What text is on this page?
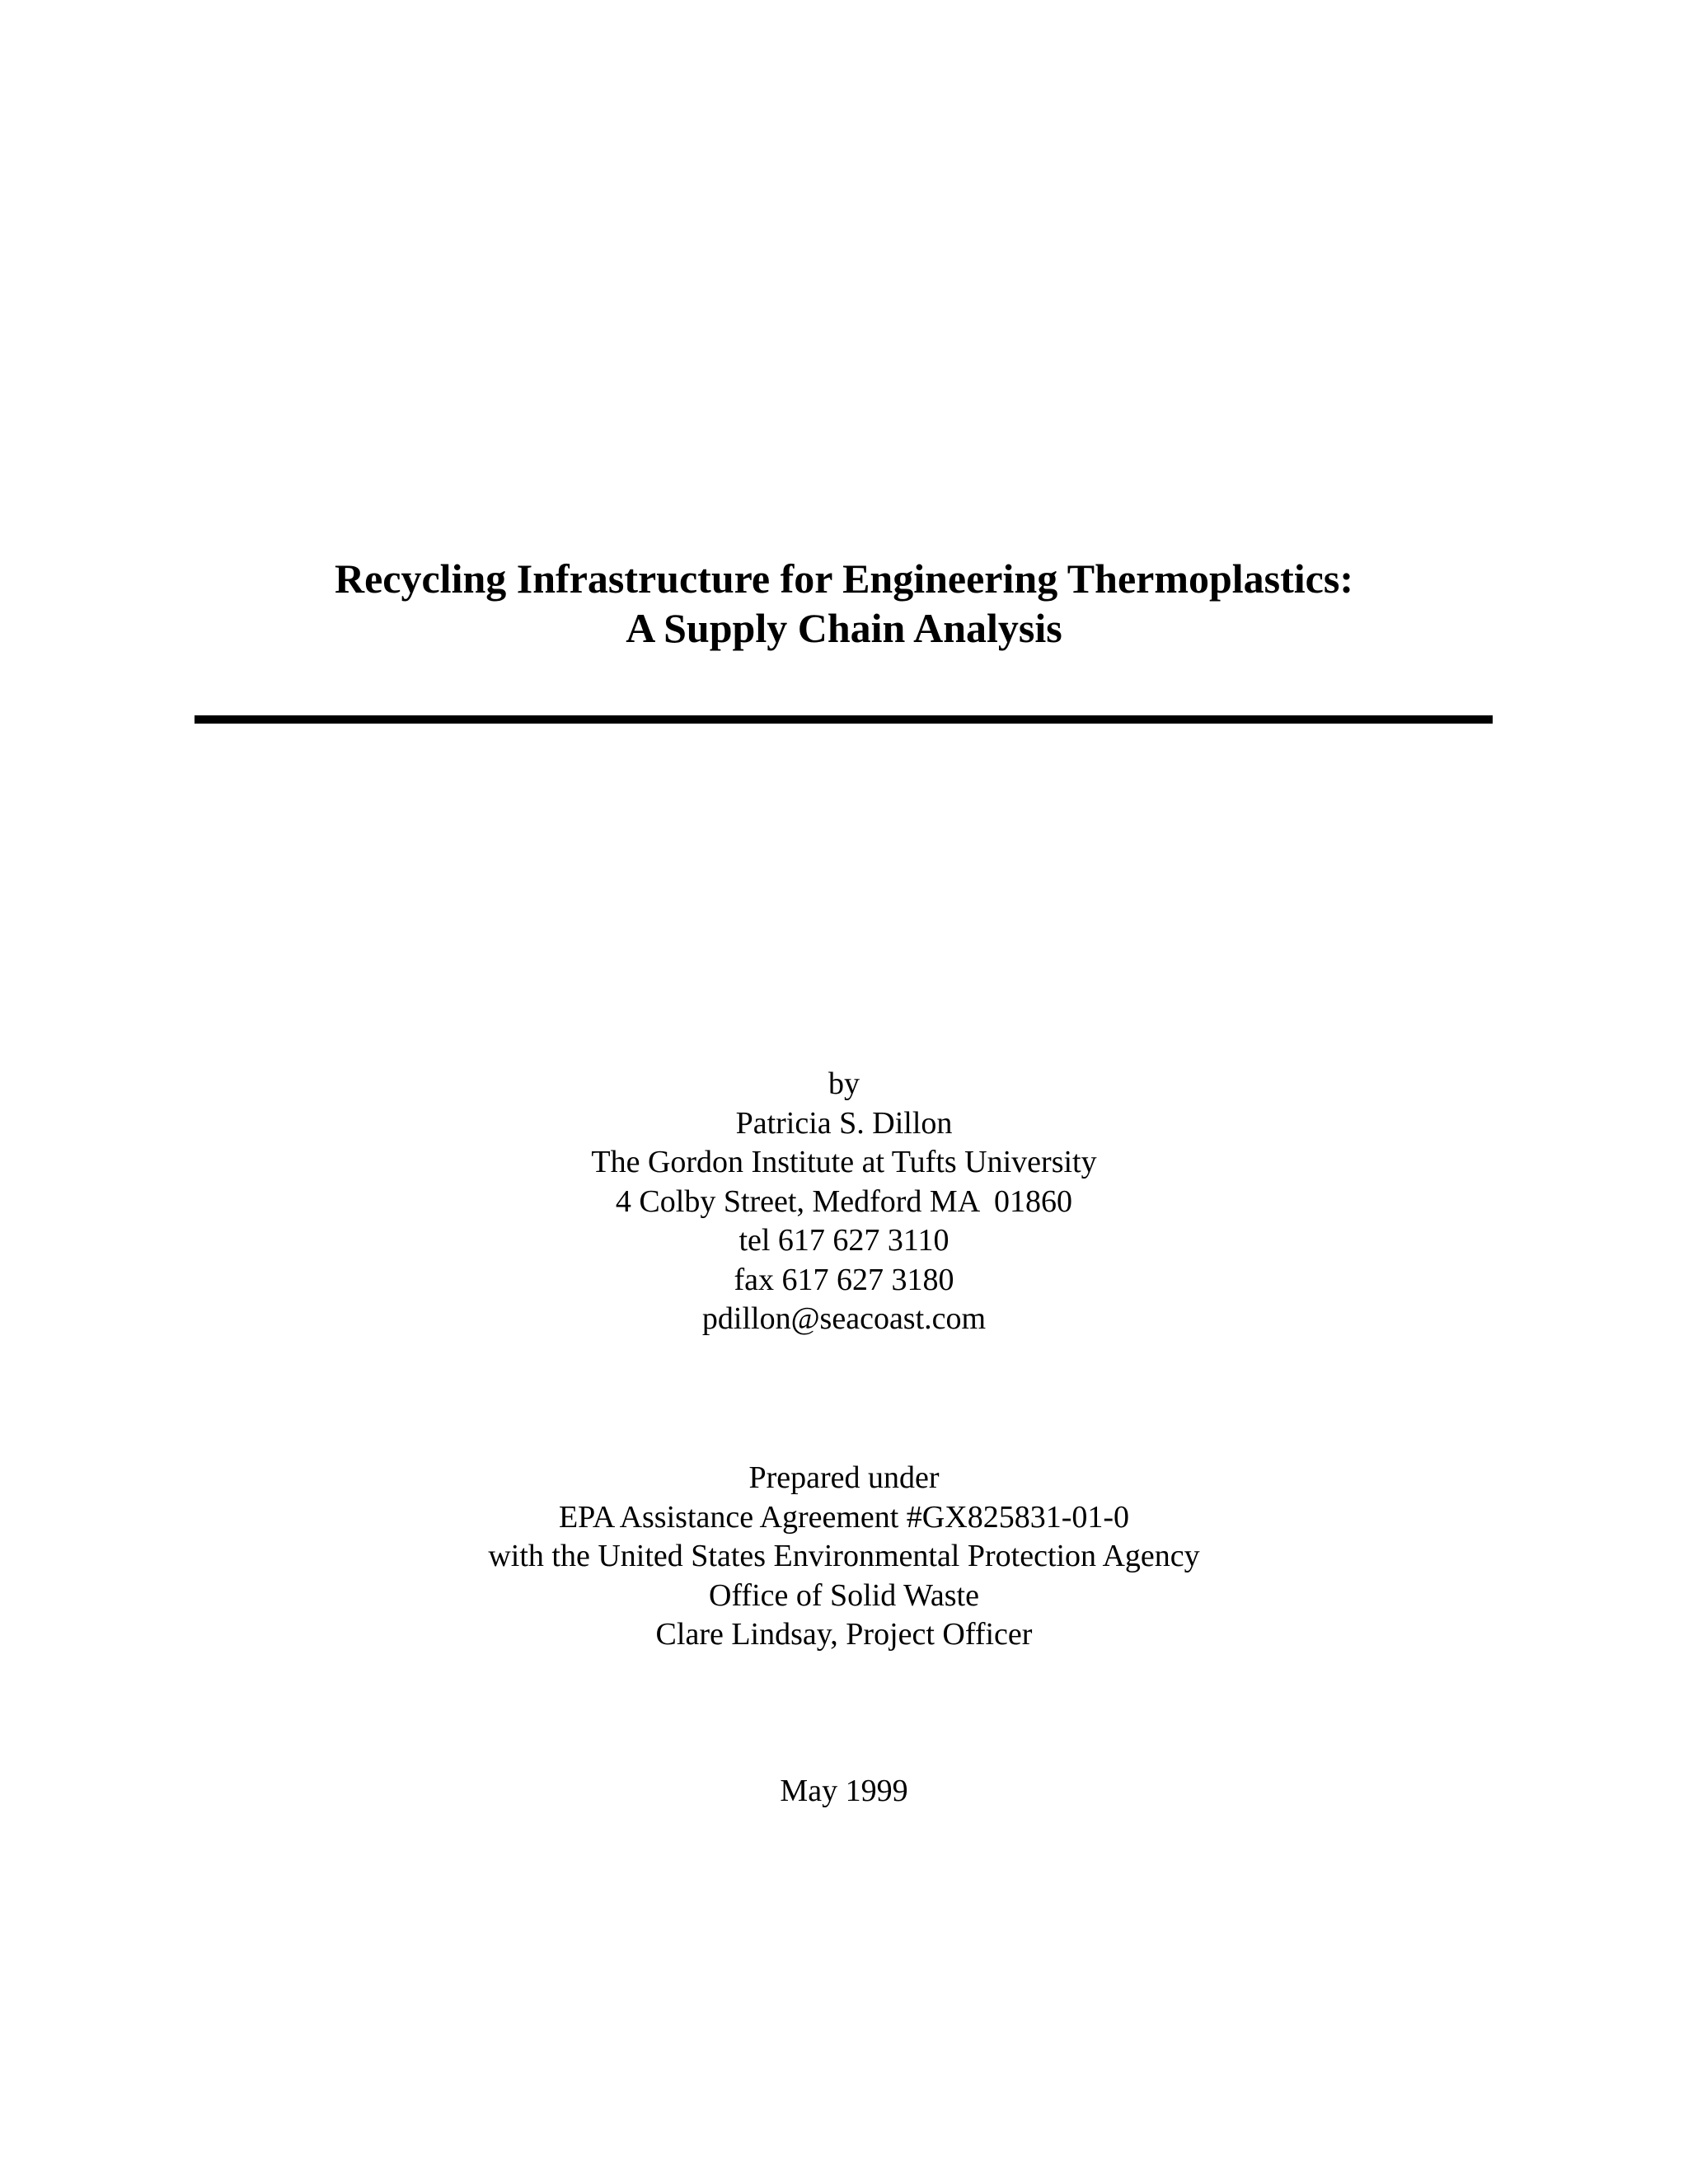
Recycling Infrastructure for Engineering Thermoplastics:
A Supply Chain Analysis
by
Patricia S. Dillon
The Gordon Institute at Tufts University
4 Colby Street, Medford MA  01860
tel 617 627 3110
fax 617 627 3180
pdillon@seacoast.com
Prepared under
EPA Assistance Agreement #GX825831-01-0
with the United States Environmental Protection Agency
Office of Solid Waste
Clare Lindsay, Project Officer
May 1999
